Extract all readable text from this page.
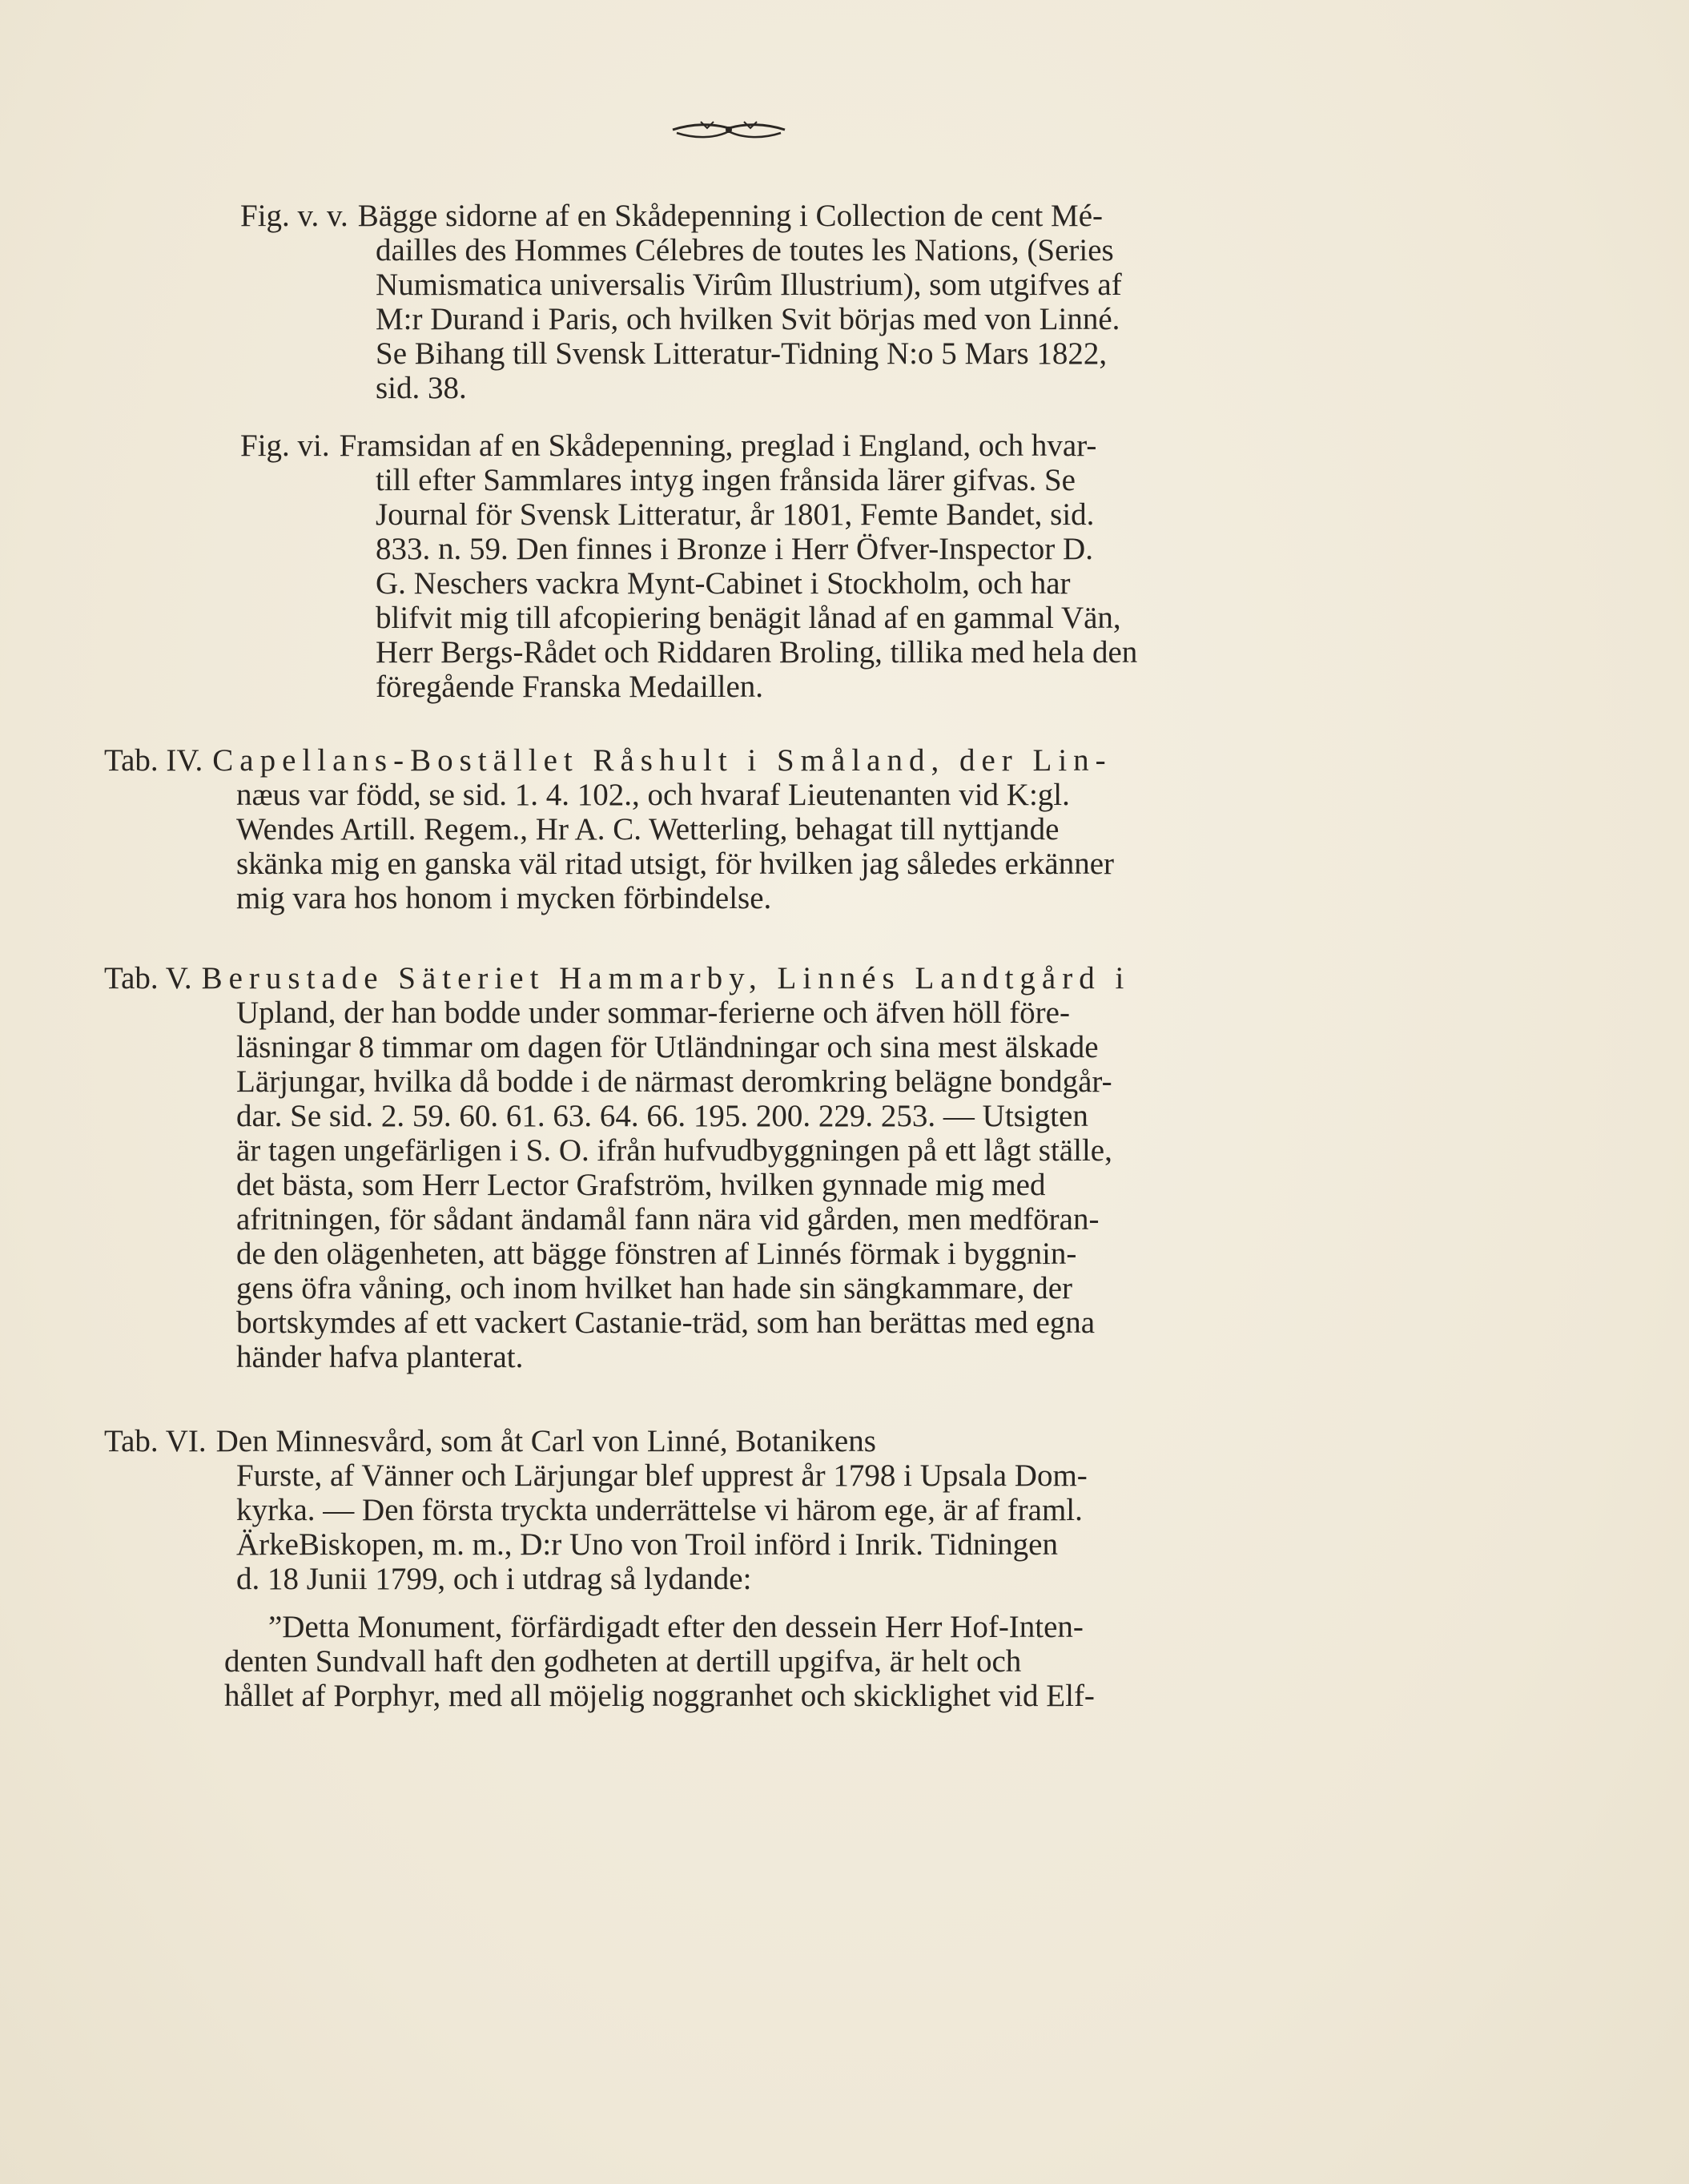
Fig. v. v. Bägge sidorne af en Skådepenning i Collection de cent Mé-
dailles des Hommes Célebres de toutes les Nations, (Series
Numismatica universalis Virûm Illustrium), som utgifves af
M:r Durand i Paris, och hvilken Svit börjas med von Linné.
Se Bihang till Svensk Litteratur-Tidning N:o 5 Mars 1822,
sid. 38.
Fig. vi. Framsidan af en Skådepenning, preglad i England, och hvar-
till efter Sammlares intyg ingen frånsida lärer gifvas. Se
Journal för Svensk Litteratur, år 1801, Femte Bandet, sid.
833. n. 59. Den finnes i Bronze i Herr Öfver-Inspector D.
G. Neschers vackra Mynt-Cabinet i Stockholm, och har
blifvit mig till afcopiering benägit lånad af en gammal Vän,
Herr Bergs-Rådet och Riddaren Broling, tillika med hela den
föregående Franska Medaillen.
Tab. IV. Capellans-Bostället Råshult i Småland, der Lin-
næus var född, se sid. 1. 4. 102., och hvaraf Lieutenanten vid K:gl.
Wendes Artill. Regem., Hr A. C. Wetterling, behagat till nyttjande
skänka mig en ganska väl ritad utsigt, för hvilken jag således erkänner
mig vara hos honom i mycken förbindelse.
Tab. V. Berustade Säteriet Hammarby, Linnés Landtgård i
Upland, der han bodde under sommar-ferierne och äfven höll före-
läsningar 8 timmar om dagen för Utländningar och sina mest älskade
Lärjungar, hvilka då bodde i de närmast deromkring belägne bondgår-
dar. Se sid. 2. 59. 60. 61. 63. 64. 66. 195. 200. 229. 253. — Utsigten
är tagen ungefärligen i S. O. ifrån hufvudbyggningen på ett lågt ställe,
det bästa, som Herr Lector Grafström, hvilken gynnade mig med
afritningen, för sådant ändamål fann nära vid gården, men medföran-
de den olägenheten, att bägge fönstren af Linnés förmak i byggnin-
gens öfra våning, och inom hvilket han hade sin sängkammare, der
bortskymdes af ett vackert Castanie-träd, som han berättas med egna
händer hafva planterat.
Tab. VI. Den Minnesvård, som åt Carl von Linné, Botanikens
Furste, af Vänner och Lärjungar blef upprest år 1798 i Upsala Dom-
kyrka. — Den första tryckta underrättelse vi härom ege, är af framl.
ÄrkeBiskopen, m. m., D:r Uno von Troil införd i Inrik. Tidningen
d. 18 Junii 1799, och i utdrag så lydande:
”Detta Monument, förfärdigadt efter den dessein Herr Hof-Inten-
denten Sundvall haft den godheten at dertill upgifva, är helt och
hållet af Porphyr, med all möjelig noggranhet och skicklighet vid Elf-
